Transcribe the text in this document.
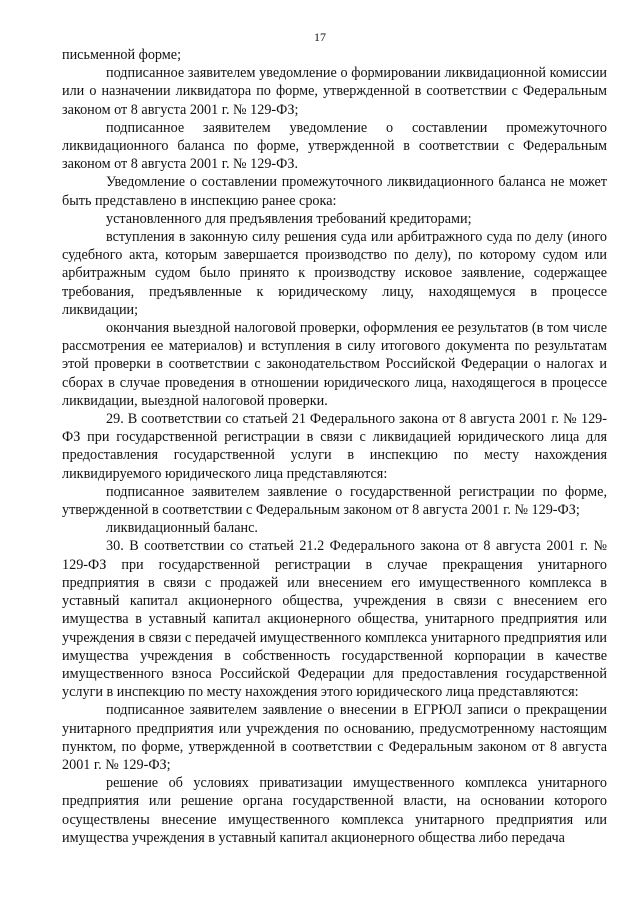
17

письменной форме;

подписанное заявителем уведомление о формировании ликвидационной комиссии или о назначении ликвидатора по форме, утвержденной в соответствии с Федеральным законом от 8 августа 2001 г. № 129-ФЗ;

подписанное заявителем уведомление о составлении промежуточного ликвидационного баланса по форме, утвержденной в соответствии с Федеральным законом от 8 августа 2001 г. № 129-ФЗ.

Уведомление о составлении промежуточного ликвидационного баланса не может быть представлено в инспекцию ранее срока:

установленного для предъявления требований кредиторами;

вступления в законную силу решения суда или арбитражного суда по делу (иного судебного акта, которым завершается производство по делу), по которому судом или арбитражным судом было принято к производству исковое заявление, содержащее требования, предъявленные к юридическому лицу, находящемуся в процессе ликвидации;

окончания выездной налоговой проверки, оформления ее результатов (в том числе рассмотрения ее материалов) и вступления в силу итогового документа по результатам этой проверки в соответствии с законодательством Российской Федерации о налогах и сборах в случае проведения в отношении юридического лица, находящегося в процессе ликвидации, выездной налоговой проверки.

29. В соответствии со статьей 21 Федерального закона от 8 августа 2001 г. № 129-ФЗ при государственной регистрации в связи с ликвидацией юридического лица для предоставления государственной услуги в инспекцию по месту нахождения ликвидируемого юридического лица представляются:

подписанное заявителем заявление о государственной регистрации по форме, утвержденной в соответствии с Федеральным законом от 8 августа 2001 г. № 129-ФЗ;

ликвидационный баланс.

30. В соответствии со статьей 21.2 Федерального закона от 8 августа 2001 г. № 129-ФЗ при государственной регистрации в случае прекращения унитарного предприятия в связи с продажей или внесением его имущественного комплекса в уставный капитал акционерного общества, учреждения в связи с внесением его имущества в уставный капитал акционерного общества, унитарного предприятия или учреждения в связи с передачей имущественного комплекса унитарного предприятия или имущества учреждения в собственность государственной корпорации в качестве имущественного взноса Российской Федерации для предоставления государственной услуги в инспекцию по месту нахождения этого юридического лица представляются:

подписанное заявителем заявление о внесении в ЕГРЮЛ записи о прекращении унитарного предприятия или учреждения по основанию, предусмотренному настоящим пунктом, по форме, утвержденной в соответствии с Федеральным законом от 8 августа 2001 г. № 129-ФЗ;

решение об условиях приватизации имущественного комплекса унитарного предприятия или решение органа государственной власти, на основании которого осуществлены внесение имущественного комплекса унитарного предприятия или имущества учреждения в уставный капитал акционерного общества либо передача
